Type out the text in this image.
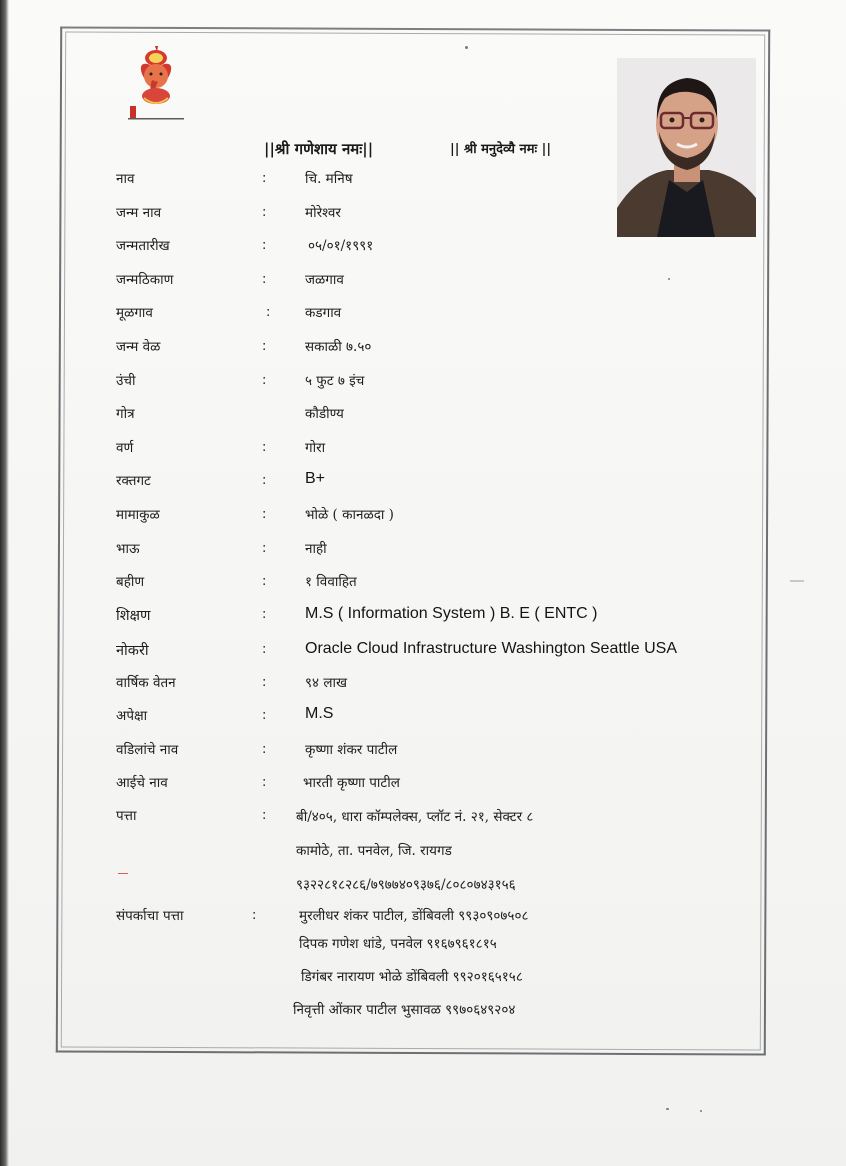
||श्री गणेशाय नमः||	|| श्री मनुदेव्यै नमः ||
नाव	:	चि. मनिष
जन्म नाव	:	मोरेश्वर
जन्मतारीख	:	०५/०१/१९९१
जन्मठिकाण	:	जळगाव
मूळगाव	:	कडगाव
जन्म वेळ	:	सकाळी ७.५०
उंची	:	५ फुट ७ इंच
गोत्र	कौडीण्य
वर्ण	:	गोरा
रक्तगट	: B+
मामाकुळ	:	भोळे ( कानळदा )
भाऊ	:	नाही
बहीण	:	१ विवाहित
शिक्षण	: M.S ( Information System ) B. E ( ENTC )
नोकरी	: Oracle Cloud Infrastructure Washington Seattle USA
वार्षिक वेतन	:	९४ लाख
अपेक्षा	: M.S
वडिलांचे नाव	:	कृष्णा शंकर पाटील
आईचे नाव	:	भारती कृष्णा पाटील
पत्ता	: बी/४०५, धारा कॉम्पलेक्स, प्लॉट नं. २१, सेक्टर ८
कामोठे, ता. पनवेल, जि. रायगड
९३२२८१८२८६/७९७७४०९३७६/८०८०७४३१५६
संपर्काचा पत्ता	:	मुरलीधर शंकर पाटील, डोंबिवली ९९३०९०७५०८
दिपक गणेश धांडे, पनवेल ९१६७९६१८१५
डिगंबर नारायण भोळे डोंबिवली ९९२०१६५१५८
निवृत्ती ओंकार पाटील भुसावळ ९९७०६४९२०४
